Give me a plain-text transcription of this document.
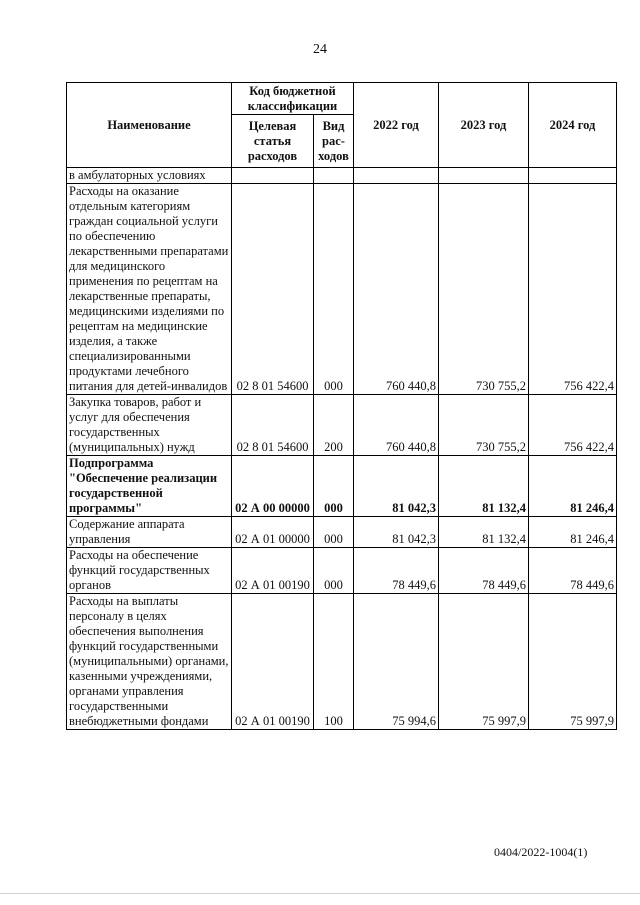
24
Наименование	Код бюджетной классификации		2022 год	2023 год	2024 год
	Целевая статья расходов	Вид рас-ходов			
в амбулаторных условиях					
Расходы на оказание отдельным категориям граждан социальной услуги по обеспечению лекарственными препаратами для медицинского применения по рецептам на лекарственные препараты, медицинскими изделиями по рецептам на медицинские изделия, а также специализированными продуктами лечебного питания для детей-инвалидов	02 8 01 54600	000	760 440,8	730 755,2	756 422,4
Закупка товаров, работ и услуг для обеспечения государственных (муниципальных) нужд	02 8 01 54600	200	760 440,8	730 755,2	756 422,4
Подпрограмма "Обеспечение реализации государственной программы"	02 А 00 00000	000	81 042,3	81 132,4	81 246,4
Содержание аппарата управления	02 А 01 00000	000	81 042,3	81 132,4	81 246,4
Расходы на обеспечение функций государственных органов	02 А 01 00190	000	78 449,6	78 449,6	78 449,6
Расходы на выплаты персоналу в целях обеспечения выполнения функций государственными (муниципальными) органами, казенными учреждениями, органами управления государственными внебюджетными фондами	02 А 01 00190	100	75 994,6	75 997,9	75 997,9
0404/2022-1004(1)
